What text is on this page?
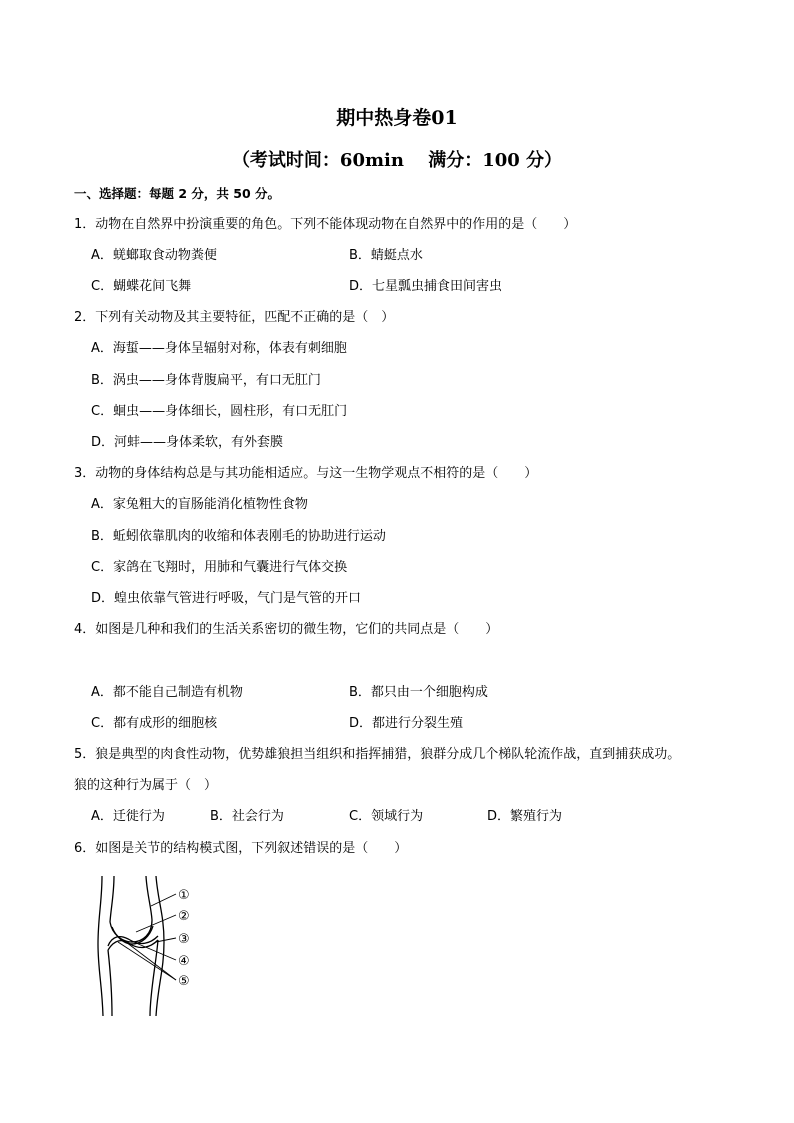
期中热身卷01
（考试时间：60min　 满分：100 分）
一、选择题：每题 2 分，共 50 分。
1．动物在自然界中扮演重要的角色。下列不能体现动物在自然界中的作用的是（　　）
A．蜣螂取食动物粪便	B．蜻蜓点水
C．蝴蝶花间飞舞	D．七星瓢虫捕食田间害虫
2．下列有关动物及其主要特征，匹配不正确的是（　）
A．海蜇——身体呈辐射对称，体表有刺细胞
B．涡虫——身体背腹扁平，有口无肛门
C．蛔虫——身体细长，圆柱形，有口无肛门
D．河蚌——身体柔软，有外套膜
3．动物的身体结构总是与其功能相适应。与这一生物学观点不相符的是（　　）
A．家兔粗大的盲肠能消化植物性食物
B．蚯蚓依靠肌肉的收缩和体表刚毛的协助进行运动
C．家鸽在飞翔时，用肺和气囊进行气体交换
D．蝗虫依靠气管进行呼吸，气门是气管的开口
4．如图是几种和我们的生活关系密切的微生物，它们的共同点是（　　）
A．都不能自己制造有机物	B．都只由一个细胞构成
C．都有成形的细胞核	D．都进行分裂生殖
5．狼是典型的肉食性动物，优势雄狼担当组织和指挥捕猎，狼群分成几个梯队轮流作战，直到捕获成功。
狼的这种行为属于（　）
A．迁徙行为	B．社会行为	C．领域行为	D．繁殖行为
6．如图是关节的结构模式图，下列叙述错误的是（　　）
①
②
③
④
⑤
